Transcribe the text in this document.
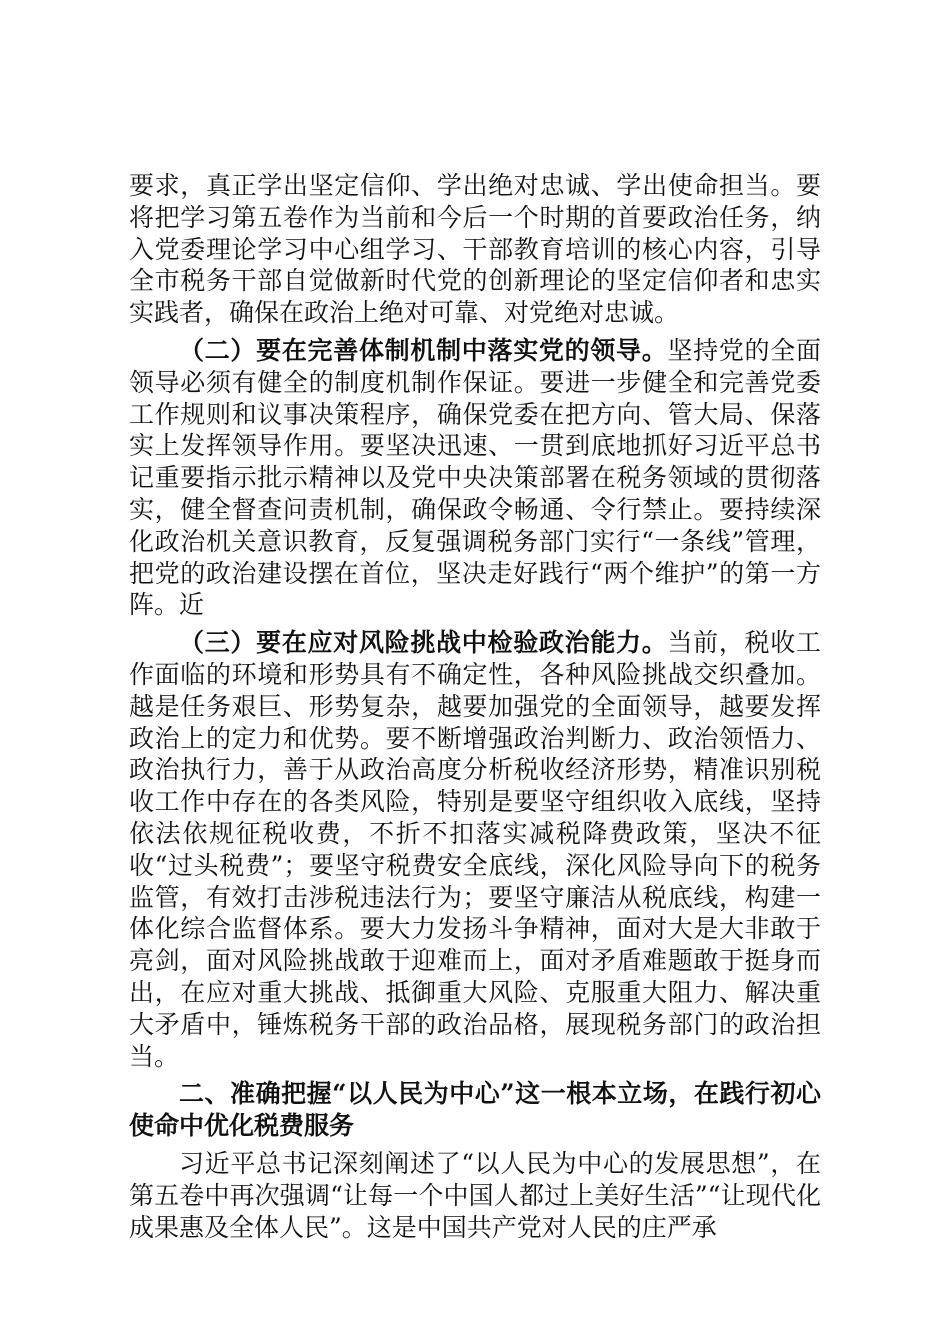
要求，真正学出坚定信仰、学出绝对忠诚、学出使命担当。要将把学习第五卷作为当前和今后一个时期的首要政治任务，纳入党委理论学习中心组学习、干部教育培训的核心内容，引导全市税务干部自觉做新时代党的创新理论的坚定信仰者和忠实实践者，确保在政治上绝对可靠、对党绝对忠诚。

（二）要在完善体制机制中落实党的领导。坚持党的全面领导必须有健全的制度机制作保证。要进一步健全和完善党委工作规则和议事决策程序，确保党委在把方向、管大局、保落实上发挥领导作用。要坚决迅速、一贯到底地抓好习近平总书记重要指示批示精神以及党中央决策部署在税务领域的贯彻落实，健全督查问责机制，确保政令畅通、令行禁止。要持续深化政治机关意识教育，反复强调税务部门实行“一条线”管理，把党的政治建设摆在首位，坚决走好践行“两个维护”的第一方阵。近

（三）要在应对风险挑战中检验政治能力。当前，税收工作面临的环境和形势具有不确定性，各种风险挑战交织叠加。越是任务艰巨、形势复杂，越要加强党的全面领导，越要发挥政治上的定力和优势。要不断增强政治判断力、政治领悟力、政治执行力，善于从政治高度分析税收经济形势，精准识别税收工作中存在的各类风险，特别是要坚守组织收入底线，坚持依法依规征税收费，不折不扣落实减税降费政策，坚决不征收“过头税费”；要坚守税费安全底线，深化风险导向下的税务监管，有效打击涉税违法行为；要坚守廉洁从税底线，构建一体化综合监督体系。要大力发扬斗争精神，面对大是大非敢于亮剑，面对风险挑战敢于迎难而上，面对矛盾难题敢于挺身而出，在应对重大挑战、抵御重大风险、克服重大阻力、解决重大矛盾中，锤炼税务干部的政治品格，展现税务部门的政治担当。

二、准确把握“以人民为中心”这一根本立场，在践行初心使命中优化税费服务

习近平总书记深刻阐述了“以人民为中心的发展思想”，在第五卷中再次强调“让每一个中国人都过上美好生活”“让现代化成果惠及全体人民”。这是中国共产党对人民的庄严承
